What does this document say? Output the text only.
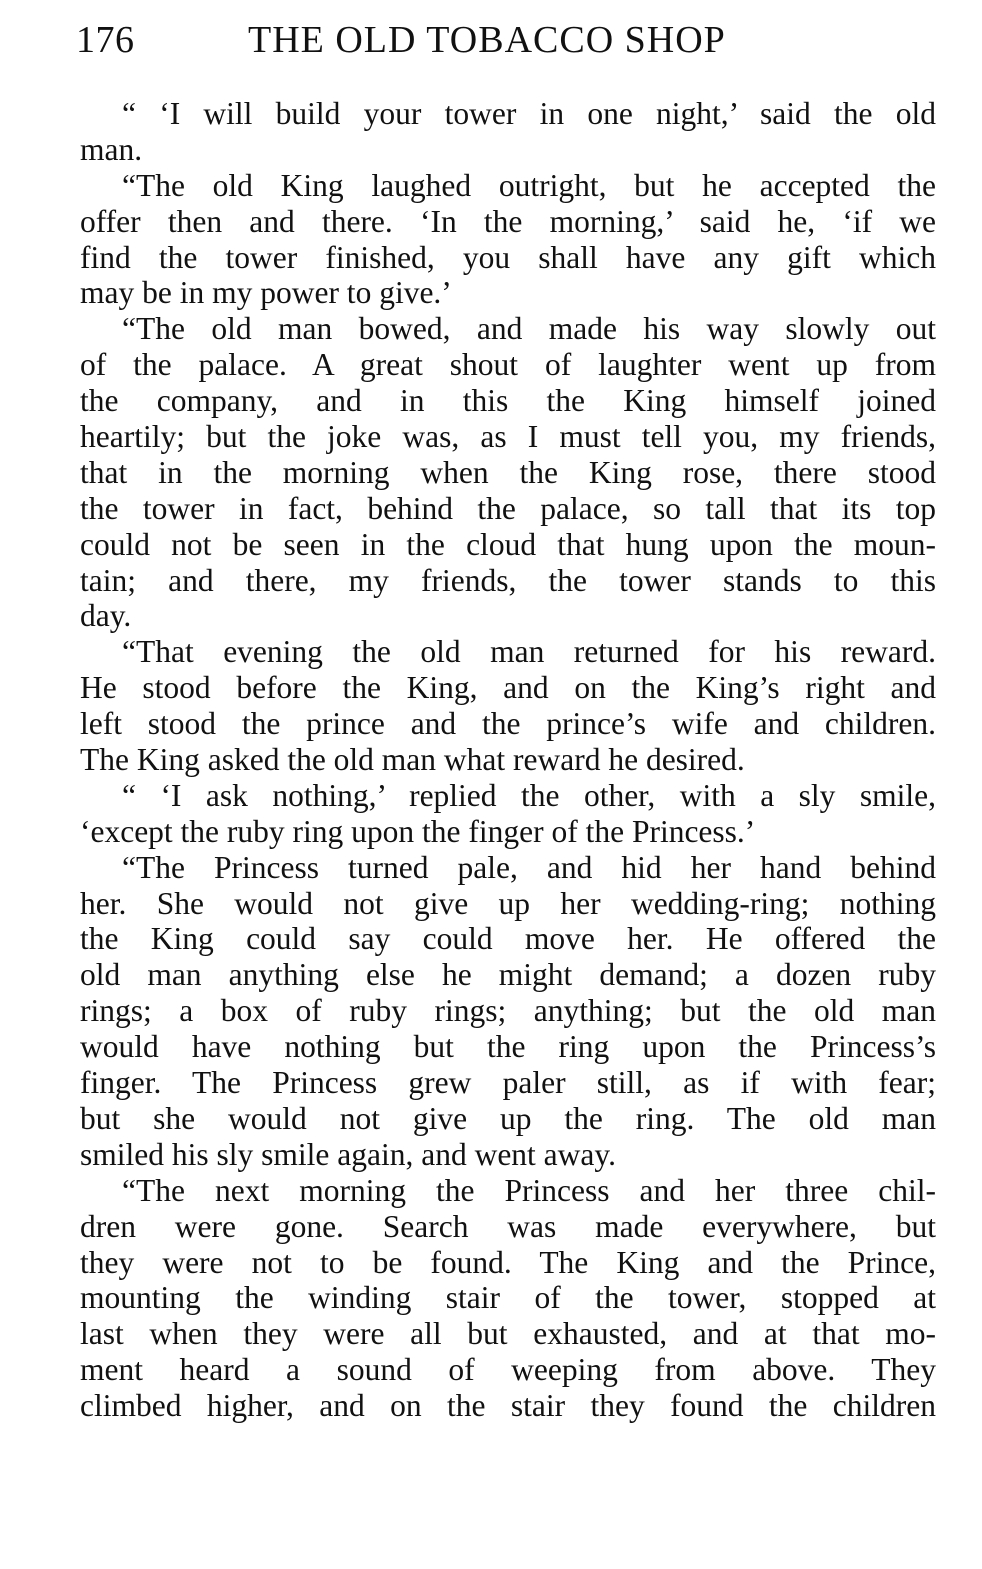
176	THE OLD TOBACCO SHOP
“ ‘I will build your tower in one night,’ said the old
man.
“The old King laughed outright, but he accepted the
offer then and there. ‘In the morning,’ said he, ‘if we
find the tower finished, you shall have any gift which
may be in my power to give.’
“The old man bowed, and made his way slowly out
of the palace. A great shout of laughter went up from
the company, and in this the King himself joined
heartily; but the joke was, as I must tell you, my friends,
that in the morning when the King rose, there stood
the tower in fact, behind the palace, so tall that its top
could not be seen in the cloud that hung upon the moun-
tain; and there, my friends, the tower stands to this
day.
“That evening the old man returned for his reward.
He stood before the King, and on the King’s right and
left stood the prince and the prince’s wife and children.
The King asked the old man what reward he desired.
“ ‘I ask nothing,’ replied the other, with a sly smile,
‘except the ruby ring upon the finger of the Princess.’
“The Princess turned pale, and hid her hand behind
her. She would not give up her wedding-ring; nothing
the King could say could move her. He offered the
old man anything else he might demand; a dozen ruby
rings; a box of ruby rings; anything; but the old man
would have nothing but the ring upon the Princess’s
finger. The Princess grew paler still, as if with fear;
but she would not give up the ring. The old man
smiled his sly smile again, and went away.
“The next morning the Princess and her three chil-
dren were gone. Search was made everywhere, but
they were not to be found. The King and the Prince,
mounting the winding stair of the tower, stopped at
last when they were all but exhausted, and at that mo-
ment heard a sound of weeping from above. They
climbed higher, and on the stair they found the children
